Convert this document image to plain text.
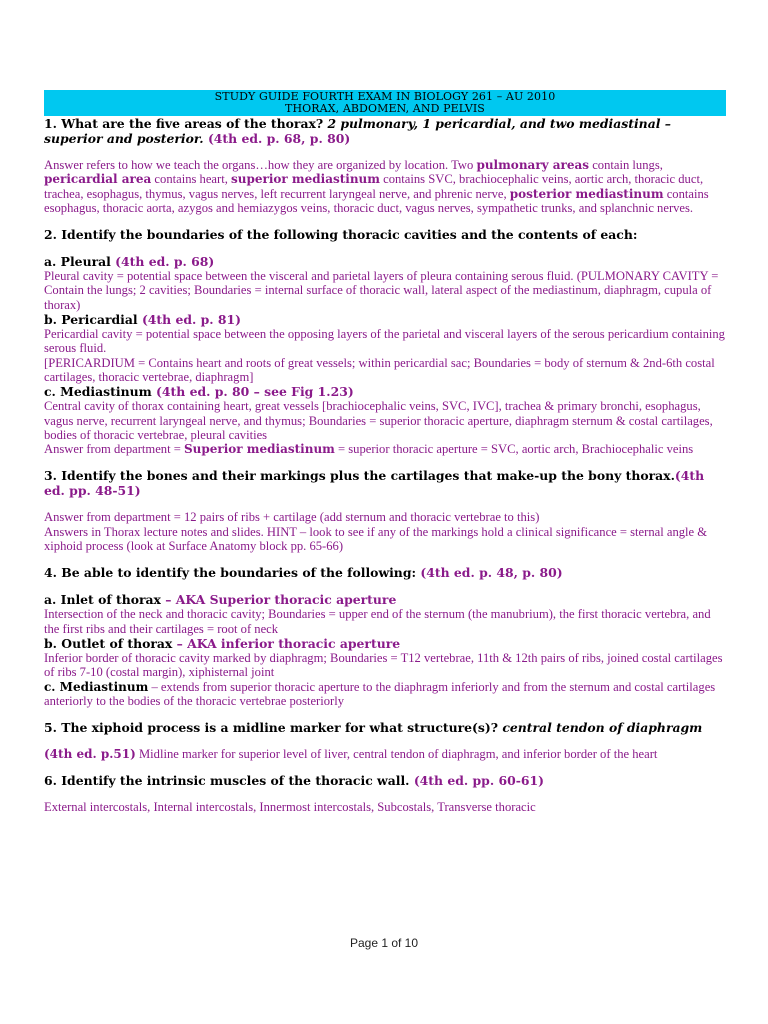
STUDY GUIDE FOURTH EXAM IN BIOLOGY 261 – AU 2010
THORAX, ABDOMEN, AND PELVIS

1. What are the five areas of the thorax? 2 pulmonary, 1 pericardial, and two mediastinal – superior and posterior. (4th ed. p. 68, p. 80)

Answer refers to how we teach the organs…how they are organized by location. Two pulmonary areas contain lungs, pericardial area contains heart, superior mediastinum contains SVC, brachiocephalic veins, aortic arch, thoracic duct, trachea, esophagus, thymus, vagus nerves, left recurrent laryngeal nerve, and phrenic nerve, posterior mediastinum contains esophagus, thoracic aorta, azygos and hemiazygos veins, thoracic duct, vagus nerves, sympathetic trunks, and splanchnic nerves.

2. Identify the boundaries of the following thoracic cavities and the contents of each:

a. Pleural (4th ed. p. 68)

Pleural cavity = potential space between the visceral and parietal layers of pleura containing serous fluid. (PULMONARY CAVITY = Contain the lungs; 2 cavities; Boundaries = internal surface of thoracic wall, lateral aspect of the mediastinum, diaphragm, cupula of thorax)

b. Pericardial (4th ed. p. 81)

Pericardial cavity = potential space between the opposing layers of the parietal and visceral layers of the serous pericardium containing serous fluid.

[PERICARDIUM = Contains heart and roots of great vessels; within pericardial sac; Boundaries = body of sternum & 2nd-6th costal cartilages, thoracic vertebrae, diaphragm]

c. Mediastinum (4th ed. p. 80 – see Fig 1.23)

Central cavity of thorax containing heart, great vessels [brachiocephalic veins, SVC, IVC], trachea & primary bronchi, esophagus, vagus nerve, recurrent laryngeal nerve, and thymus; Boundaries = superior thoracic aperture, diaphragm sternum & costal cartilages, bodies of thoracic vertebrae, pleural cavities

Answer from department = Superior mediastinum = superior thoracic aperture = SVC, aortic arch, Brachiocephalic veins

3. Identify the bones and their markings plus the cartilages that make-up the bony thorax.(4th ed. pp. 48-51)

Answer from department = 12 pairs of ribs + cartilage (add sternum and thoracic vertebrae to this)

Answers in Thorax lecture notes and slides. HINT – look to see if any of the markings hold a clinical significance = sternal angle & xiphoid process (look at Surface Anatomy block pp. 65-66)

4. Be able to identify the boundaries of the following: (4th ed. p. 48, p. 80)

a. Inlet of thorax – AKA Superior thoracic aperture

Intersection of the neck and thoracic cavity; Boundaries = upper end of the sternum (the manubrium), the first thoracic vertebra, and the first ribs and their cartilages = root of neck

b. Outlet of thorax – AKA inferior thoracic aperture

Inferior border of thoracic cavity marked by diaphragm; Boundaries = T12 vertebrae, 11th & 12th pairs of ribs, joined costal cartilages of ribs 7-10 (costal margin), xiphisternal joint

c. Mediastinum – extends from superior thoracic aperture to the diaphragm inferiorly and from the sternum and costal cartilages anteriorly to the bodies of the thoracic vertebrae posteriorly

5. The xiphoid process is a midline marker for what structure(s)? central tendon of diaphragm

(4th ed. p.51) Midline marker for superior level of liver, central tendon of diaphragm, and inferior border of the heart

6. Identify the intrinsic muscles of the thoracic wall. (4th ed. pp. 60-61)

External intercostals, Internal intercostals, Innermost intercostals, Subcostals, Transverse thoracic

Page 1 of 10
